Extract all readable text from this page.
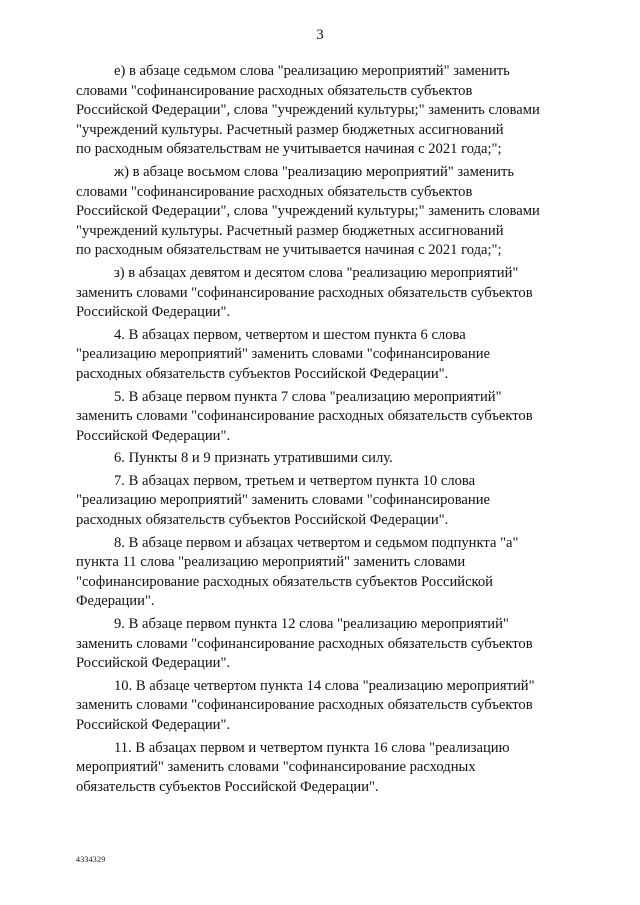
3

е) в абзаце седьмом слова "реализацию мероприятий" заменить
словами "софинансирование расходных обязательств субъектов
Российской Федерации", слова "учреждений культуры;" заменить словами
"учреждений культуры. Расчетный размер бюджетных ассигнований
по расходным обязательствам не учитывается начиная с 2021 года;";

ж) в абзаце восьмом слова "реализацию мероприятий" заменить
словами "софинансирование расходных обязательств субъектов
Российской Федерации", слова "учреждений культуры;" заменить словами
"учреждений культуры. Расчетный размер бюджетных ассигнований
по расходным обязательствам не учитывается начиная с 2021 года;";

з) в абзацах девятом и десятом слова "реализацию мероприятий"
заменить словами "софинансирование расходных обязательств субъектов
Российской Федерации".

4. В абзацах первом, четвертом и шестом пункта 6 слова
"реализацию мероприятий" заменить словами "софинансирование
расходных обязательств субъектов Российской Федерации".

5. В абзаце первом пункта 7 слова "реализацию мероприятий"
заменить словами "софинансирование расходных обязательств субъектов
Российской Федерации".

6. Пункты 8 и 9 признать утратившими силу.

7. В абзацах первом, третьем и четвертом пункта 10 слова
"реализацию мероприятий" заменить словами "софинансирование
расходных обязательств субъектов Российской Федерации".

8. В абзаце первом и абзацах четвертом и седьмом подпункта "а"
пункта 11 слова "реализацию мероприятий" заменить словами
"софинансирование расходных обязательств субъектов Российской
Федерации".

9. В абзаце первом пункта 12 слова "реализацию мероприятий"
заменить словами "софинансирование расходных обязательств субъектов
Российской Федерации".

10. В абзаце четвертом пункта 14 слова "реализацию мероприятий"
заменить словами "софинансирование расходных обязательств субъектов
Российской Федерации".

11. В абзацах первом и четвертом пункта 16 слова "реализацию
мероприятий" заменить словами "софинансирование расходных
обязательств субъектов Российской Федерации".

4334329
